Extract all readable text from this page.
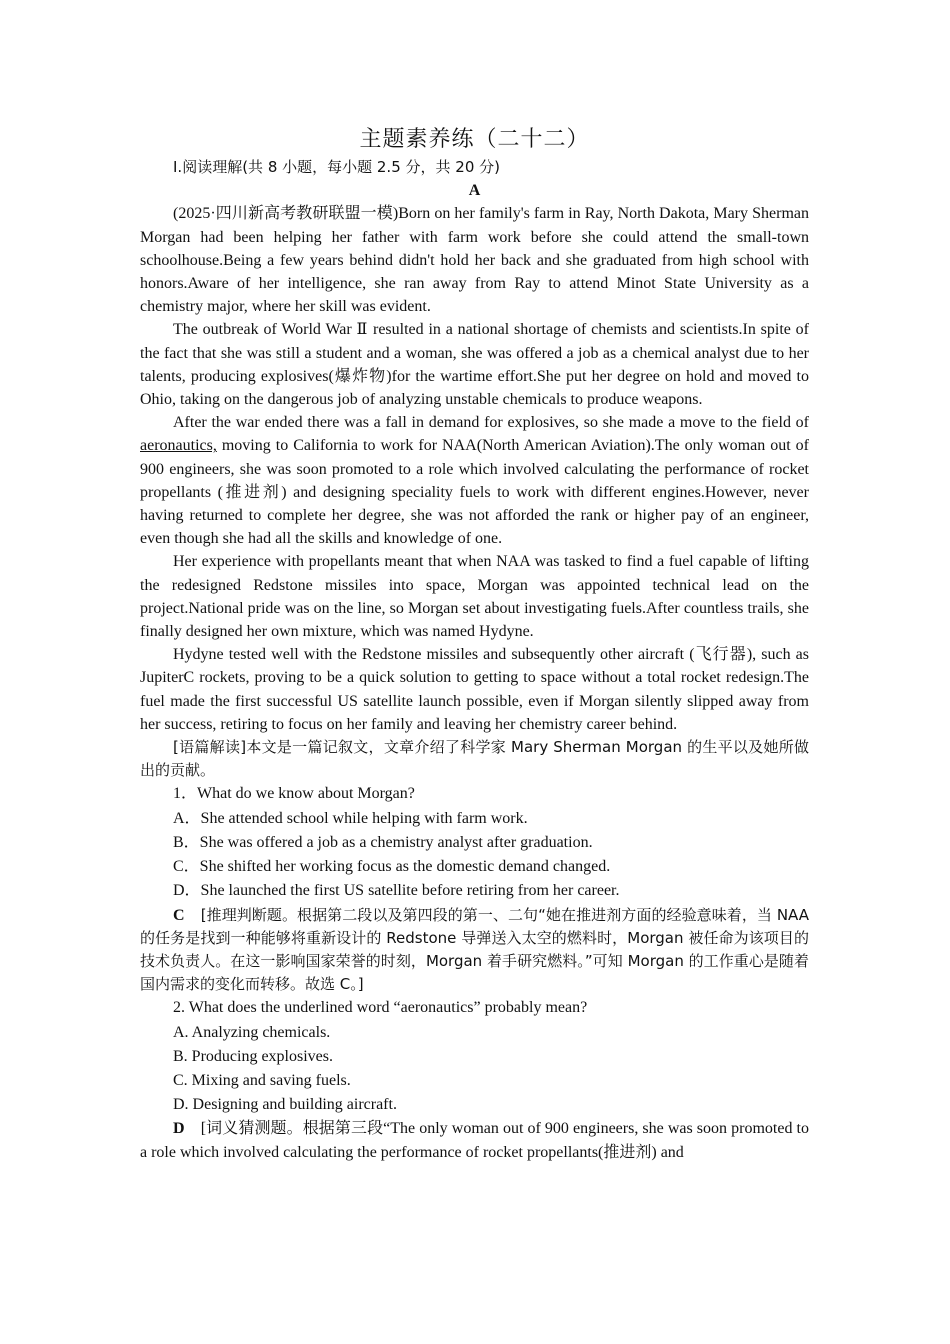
主题素养练（二十二）

Ⅰ.阅读理解(共 8 小题，每小题 2.5 分，共 20 分)

A

(2025·四川新高考教研联盟一模)Born on her family's farm in Ray, North Dakota, Mary Sherman Morgan had been helping her father with farm work before she could attend the small-town schoolhouse.Being a few years behind didn't hold her back and she graduated from high school with honors.Aware of her intelligence, she ran away from Ray to attend Minot State University as a chemistry major, where her skill was evident.

The outbreak of World War Ⅱ resulted in a national shortage of chemists and scientists.In spite of the fact that she was still a student and a woman, she was offered a job as a chemical analyst due to her talents, producing explosives(爆炸物)for the wartime effort.She put her degree on hold and moved to Ohio, taking on the dangerous job of analyzing unstable chemicals to produce weapons.

After the war ended there was a fall in demand for explosives, so she made a move to the field of aeronautics, moving to California to work for NAA(North American Aviation).The only woman out of 900 engineers, she was soon promoted to a role which involved calculating the performance of rocket propellants (推进剂) and designing speciality fuels to work with different engines.However, never having returned to complete her degree, she was not afforded the rank or higher pay of an engineer, even though she had all the skills and knowledge of one.

Her experience with propellants meant that when NAA was tasked to find a fuel capable of lifting the redesigned Redstone missiles into space, Morgan was appointed technical lead on the project.National pride was on the line, so Morgan set about investigating fuels.After countless trails, she finally designed her own mixture, which was named Hydyne.

Hydyne tested well with the Redstone missiles and subsequently other aircraft (飞行器), such as JupiterC rockets, proving to be a quick solution to getting to space without a total rocket redesign.The fuel made the first successful US satellite launch possible, even if Morgan silently slipped away from her success, retiring to focus on her family and leaving her chemistry career behind.

[语篇解读]本文是一篇记叙文，文章介绍了科学家 Mary Sherman Morgan 的生平以及她所做出的贡献。

1．What do we know about Morgan?

A．She attended school while helping with farm work.

B．She was offered a job as a chemistry analyst after graduation.

C．She shifted her working focus as the domestic demand changed.

D．She launched the first US satellite before retiring from her career.

C　 [推理判断题。根据第二段以及第四段的第一、二句“她在推进剂方面的经验意味着，当 NAA 的任务是找到一种能够将重新设计的 Redstone 导弹送入太空的燃料时，Morgan 被任命为该项目的技术负责人。在这一影响国家荣誉的时刻，Morgan 着手研究燃料。”可知 Morgan 的工作重心是随着国内需求的变化而转移。故选 C。]

2. What does the underlined word “aeronautics” probably mean?

A. Analyzing chemicals.

B. Producing explosives.

C. Mixing and saving fuels.

D. Designing and building aircraft.

D　 [词义猜测题。根据第三段“The only woman out of 900 engineers, she was soon promoted to a role which involved calculating the performance of rocket propellants(推进剂) and
